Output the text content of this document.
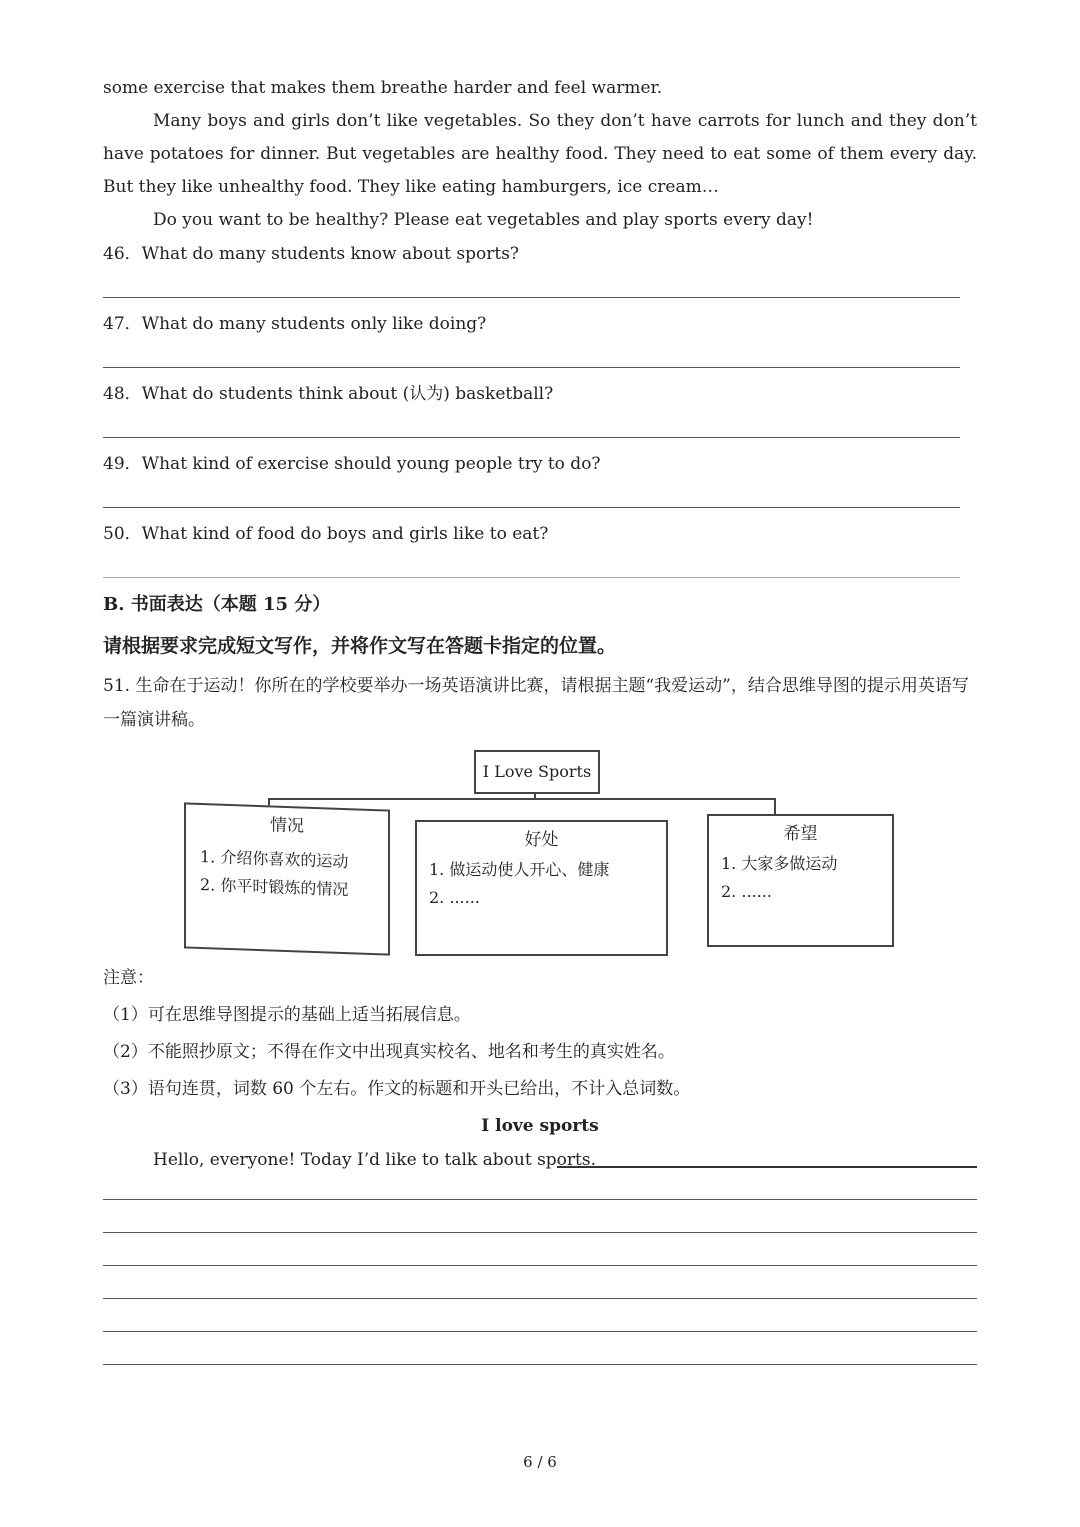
some exercise that makes them breathe harder and feel warmer.

Many boys and girls don’t like vegetables. So they don’t have carrots for lunch and they don’t have potatoes for dinner. But vegetables are healthy food. They need to eat some of them every day. But they like unhealthy food. They like eating hamburgers, ice cream…

Do you want to be healthy? Please eat vegetables and play sports every day!

46．What do many students know about sports?

47．What do many students only like doing?

48．What do students think about (认为) basketball?

49．What kind of exercise should young people try to do?

50．What kind of food do boys and girls like to eat?

B. 书面表达（本题 15 分）

请根据要求完成短文写作，并将作文写在答题卡指定的位置。

51. 生命在于运动！你所在的学校要举办一场英语演讲比赛，请根据主题“我爱运动”，结合思维导图的提示用英语写一篇演讲稿。

I Love Sports
情况
1. 介绍你喜欢的运动
2. 你平时锻炼的情况
好处
1. 做运动使人开心、健康
2. ......
希望
1. 大家多做运动
2. ......

注意：

（1）可在思维导图提示的基础上适当拓展信息。

（2）不能照抄原文；不得在作文中出现真实校名、地名和考生的真实姓名。

（3）语句连贯，词数 60 个左右。作文的标题和开头已给出，不计入总词数。

I love sports

Hello, everyone! Today I’d like to talk about sports.

6 / 6
